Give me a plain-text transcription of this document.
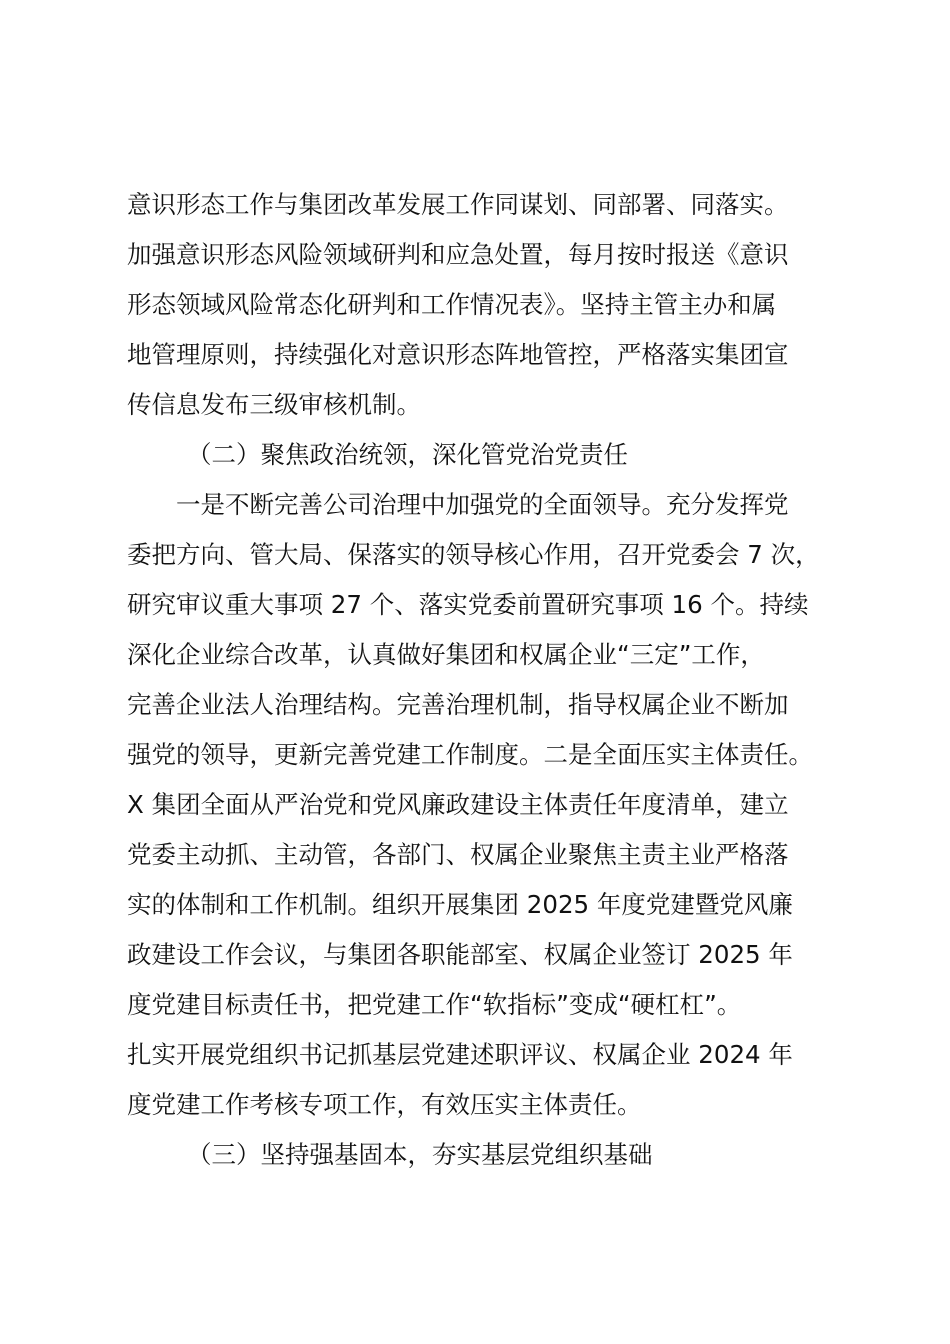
意识形态工作与集团改革发展工作同谋划、同部署、同落实。
加强意识形态风险领域研判和应急处置，每月按时报送《意识
形态领域风险常态化研判和工作情况表》。坚持主管主办和属
地管理原则，持续强化对意识形态阵地管控，严格落实集团宣
传信息发布三级审核机制。
（二）聚焦政治统领，深化管党治党责任
一是不断完善公司治理中加强党的全面领导。充分发挥党
委把方向、管大局、保落实的领导核心作用，召开党委会 7 次，
研究审议重大事项 27 个、落实党委前置研究事项 16 个。持续
深化企业综合改革，认真做好集团和权属企业“三定”工作，
完善企业法人治理结构。完善治理机制，指导权属企业不断加
强党的领导，更新完善党建工作制度。二是全面压实主体责任。
X 集团全面从严治党和党风廉政建设主体责任年度清单，建立
党委主动抓、主动管，各部门、权属企业聚焦主责主业严格落
实的体制和工作机制。组织开展集团 2025 年度党建暨党风廉
政建设工作会议，与集团各职能部室、权属企业签订 2025 年
度党建目标责任书，把党建工作“软指标”变成“硬杠杠”。
扎实开展党组织书记抓基层党建述职评议、权属企业 2024 年
度党建工作考核专项工作，有效压实主体责任。
（三）坚持强基固本，夯实基层党组织基础
